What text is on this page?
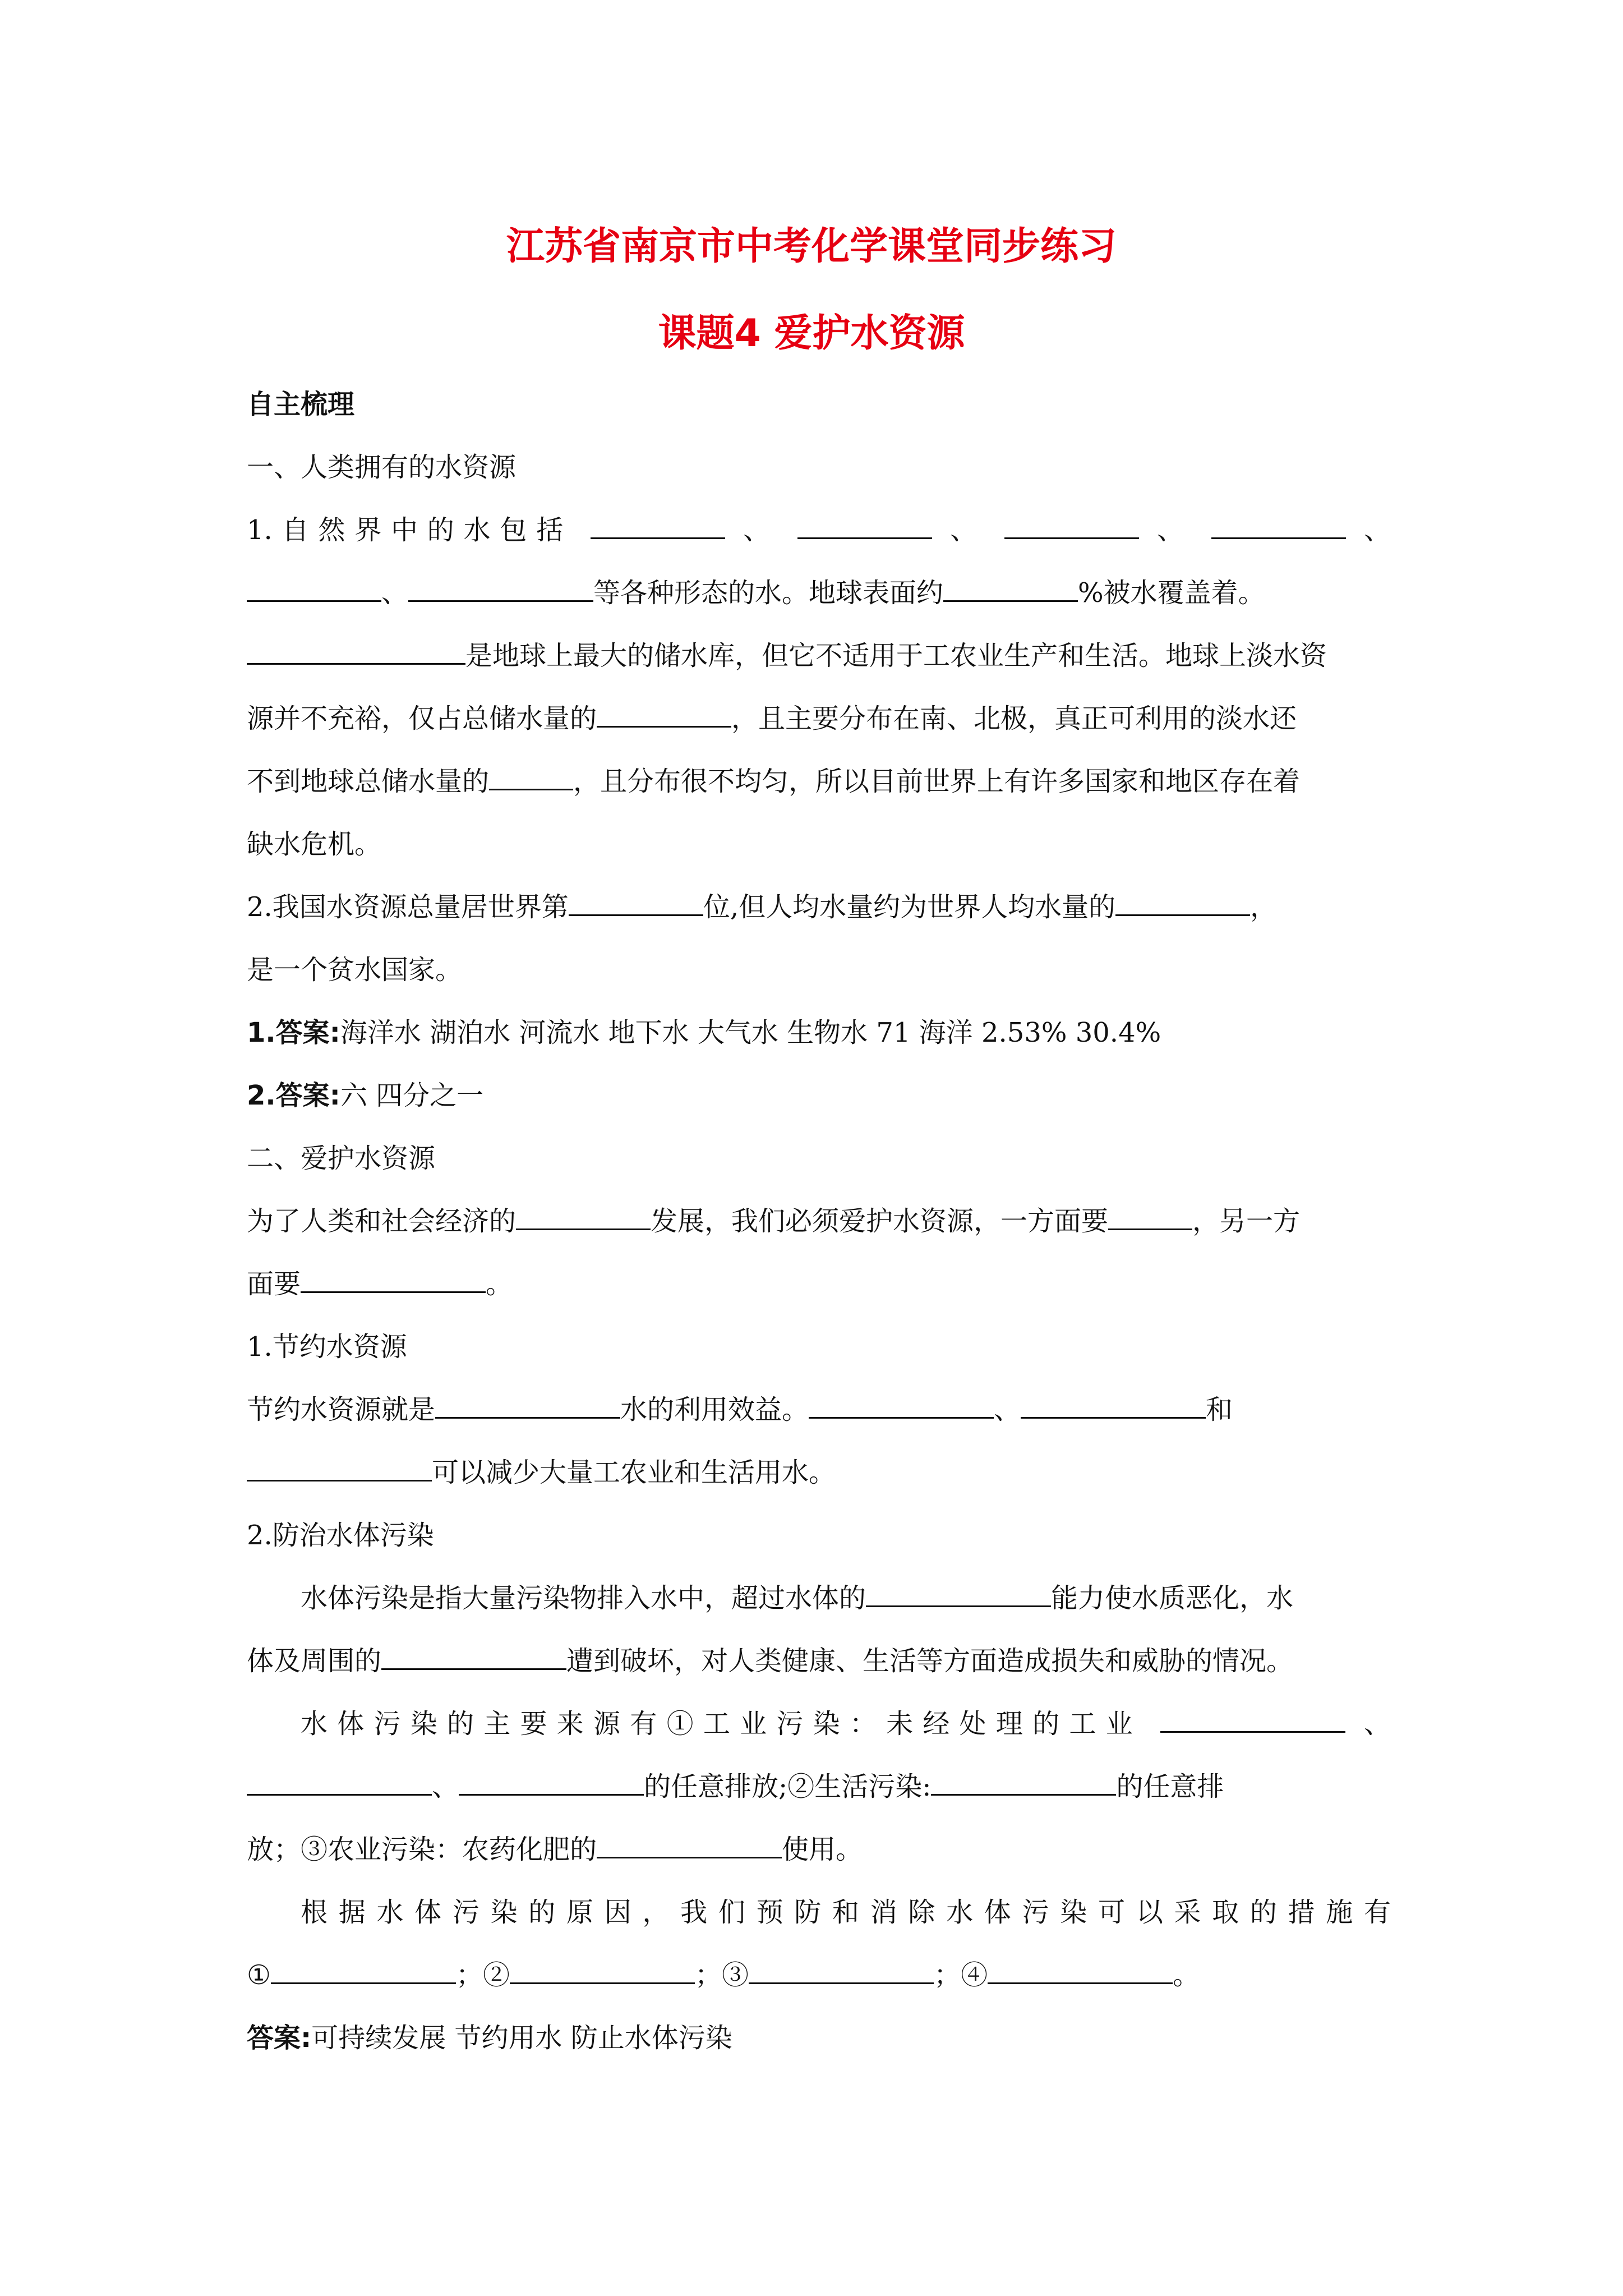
江苏省南京市中考化学课堂同步练习
课题4 爱护水资源
自主梳理
一、人类拥有的水资源
1.自然界中的水包括	、	、	、	、
、	等各种形态的水。地球表面约	%被水覆盖着。
是地球上最大的储水库，但它不适用于工农业生产和生活。地球上淡水资
源并不充裕，仅占总储水量的	，且主要分布在南、北极，真正可利用的淡水还
不到地球总储水量的	，且分布很不均匀，所以目前世界上有许多国家和地区存在着
缺水危机。
2.我国水资源总量居世界第	位,但人均水量约为世界人均水量的	，
是一个贫水国家。
1.答案:海洋水 湖泊水 河流水 地下水 大气水 生物水 71 海洋 2.53% 30.4%
2.答案:六 四分之一
二、爱护水资源
为了人类和社会经济的	发展，我们必须爱护水资源，一方面要	，另一方
面要	。
1.节约水资源
节约水资源就是	水的利用效益。	、	和
可以减少大量工农业和生活用水。
2.防治水体污染
水体污染是指大量污染物排入水中，超过水体的	能力使水质恶化，水
体及周围的	遭到破坏，对人类健康、生活等方面造成损失和威胁的情况。
水体污染的主要来源有①工业污染：未经处理的工业	、
、	的任意排放;②生活污染:	的任意排
放；③农业污染：农药化肥的	使用。
根据水体污染的原因，我们预防和消除水体污染可以采取的措施有
①	；②	；③	；④	。
答案:可持续发展 节约用水 防止水体污染
